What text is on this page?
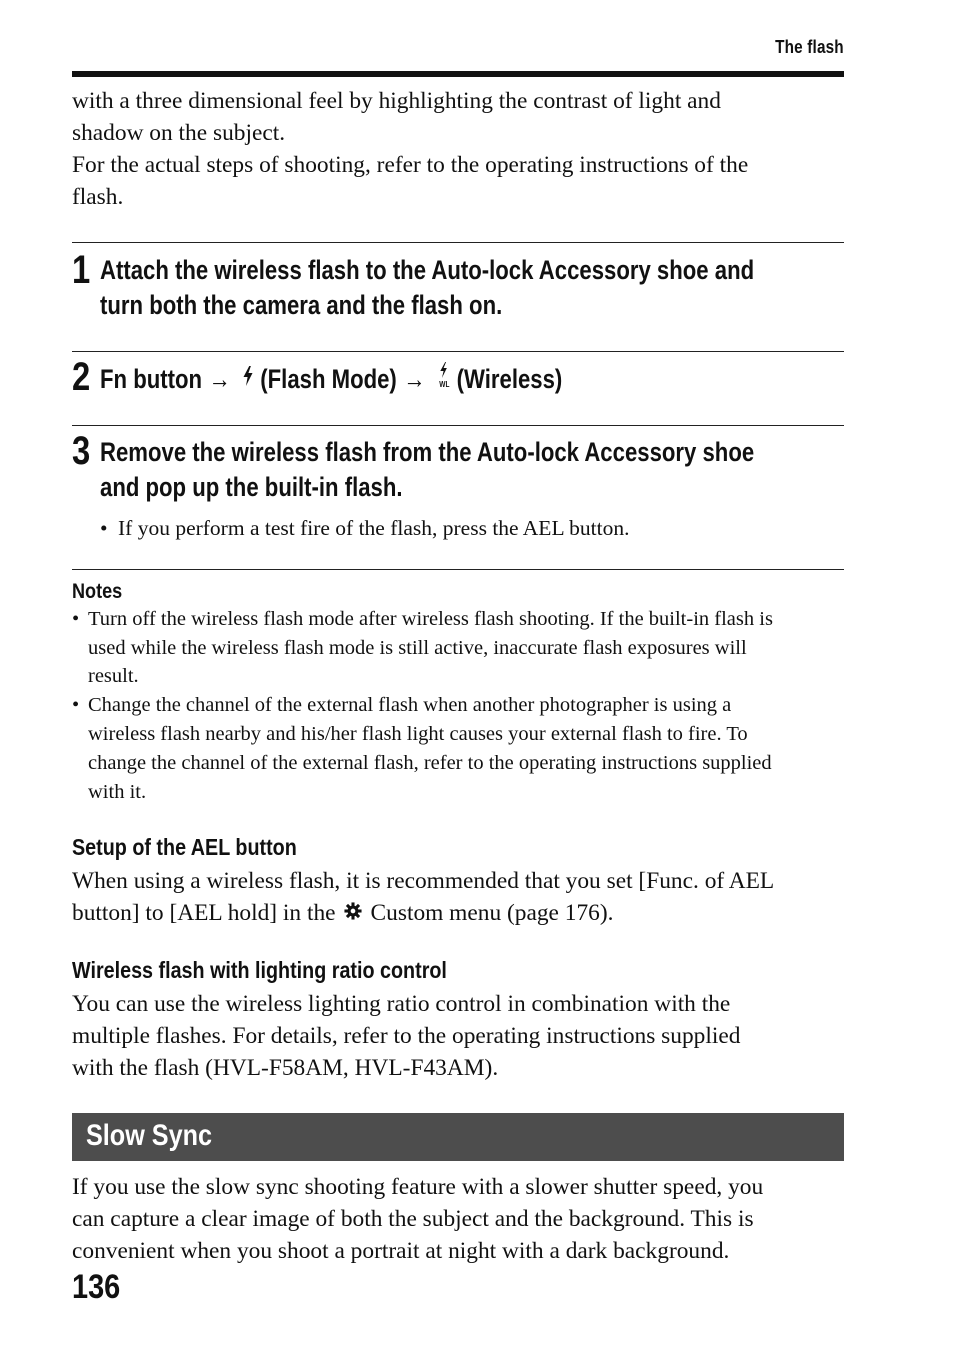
The flash
with a three dimensional feel by highlighting the contrast of light and
shadow on the subject.
For the actual steps of shooting, refer to the operating instructions of the
flash.
1 Attach the wireless flash to the Auto-lock Accessory shoe and
turn both the camera and the flash on.
2 Fn button → (Flash Mode) → WL (Wireless)
3 Remove the wireless flash from the Auto-lock Accessory shoe
and pop up the built-in flash.
• If you perform a test fire of the flash, press the AEL button.
Notes
• Turn off the wireless flash mode after wireless flash shooting. If the built-in flash is
used while the wireless flash mode is still active, inaccurate flash exposures will
result.
• Change the channel of the external flash when another photographer is using a
wireless flash nearby and his/her flash light causes your external flash to fire. To
change the channel of the external flash, refer to the operating instructions supplied
with it.
Setup of the AEL button
When using a wireless flash, it is recommended that you set [Func. of AEL
button] to [AEL hold] in the Custom menu (page 176).
Wireless flash with lighting ratio control
You can use the wireless lighting ratio control in combination with the
multiple flashes. For details, refer to the operating instructions supplied
with the flash (HVL-F58AM, HVL-F43AM).
Slow Sync
If you use the slow sync shooting feature with a slower shutter speed, you
can capture a clear image of both the subject and the background. This is
convenient when you shoot a portrait at night with a dark background.
136
